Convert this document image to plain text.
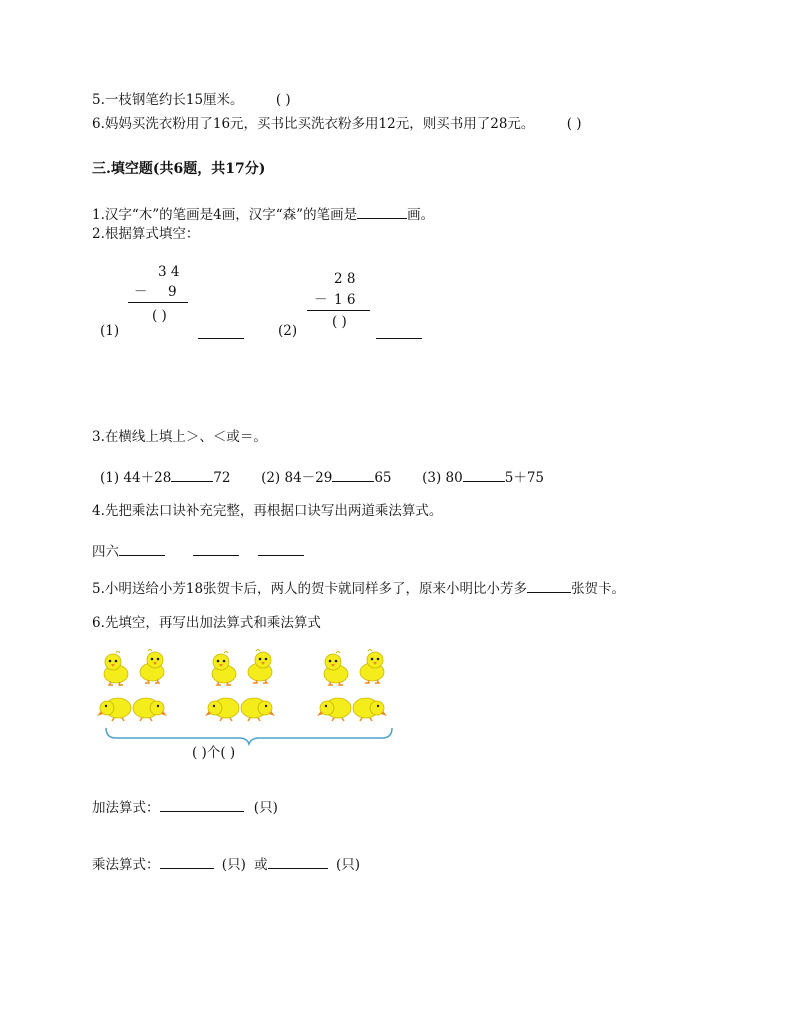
5.一枝钢笔约长15厘米。 ( )
6.妈妈买洗衣粉用了16元，买书比买洗衣粉多用12元，则买书用了28元。 ( )
三.填空题(共6题，共17分)
1.汉字“木”的笔画是4画，汉字“森”的笔画是	画。
2.根据算式填空：
3 4
－ 9
( )
(1)
2 8
－ 1 6
( )
(2)
3.在横线上填上＞、＜或＝。
(1) 44＋28	72 (2) 84－29	65 (3) 80	5＋75
4.先把乘法口诀补充完整，再根据口诀写出两道乘法算式。
四六
5.小明送给小芳18张贺卡后，两人的贺卡就同样多了，原来小明比小芳多	张贺卡。
6.先填空，再写出加法算式和乘法算式
( )个( )
加法算式：	(只)
乘法算式：	(只) 或	(只)
